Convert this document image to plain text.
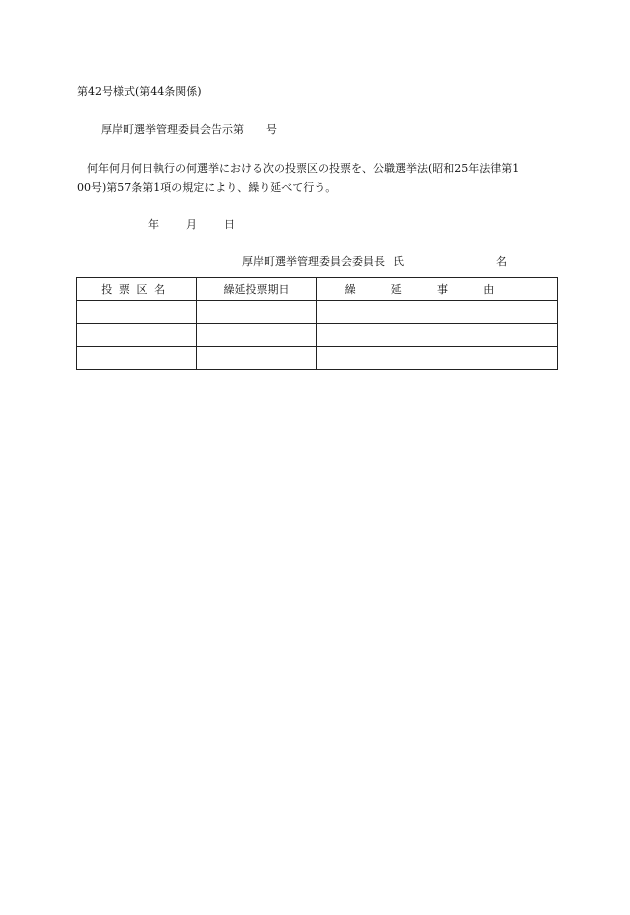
第42号様式(第44条関係)
厚岸町選挙管理委員会告示第 号
何年何月何日執行の何選挙における次の投票区の投票を、公職選挙法(昭和25年法律第1
00号)第57条第1項の規定により、繰り延べて行う。
年 月 日
厚岸町選挙管理委員会委員長 氏	名
投票区名	繰延投票期日	繰延事由
